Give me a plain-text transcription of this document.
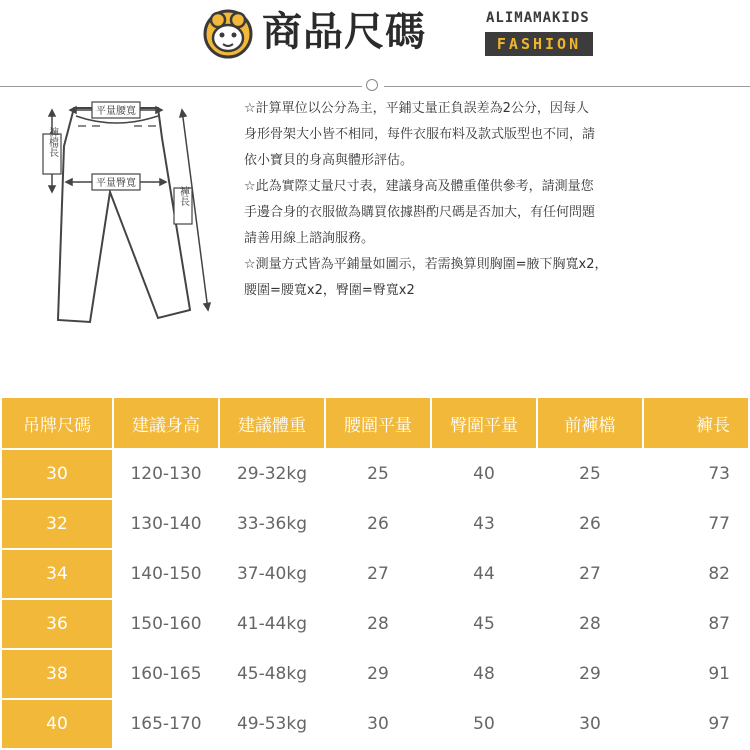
商品尺碼	ALIMAMAKIDS
FASHION
平量腰寬
平量臀寬
褲檔長
褲長

☆計算單位以公分為主，平鋪丈量正負誤差為2公分，因每人

身形骨架大小皆不相同，每件衣服布料及款式版型也不同，請

依小寶貝的身高與體形評估。

☆此為實際丈量尺寸表，建議身高及體重僅供參考，請測量您

手邊合身的衣服做為購買依據斟酌尺碼是否加大，有任何問題

請善用線上諮詢服務。

☆測量方式皆為平鋪量如圖示，若需換算則胸圍=腋下胸寬x2，

腰圍=腰寬x2，臀圍=臀寬x2

吊牌尺碼	建議身高	建議體重	腰圍平量	臀圍平量	前褲檔	褲長
30	120-130	29-32kg	25	40	25	73
32	130-140	33-36kg	26	43	26	77
34	140-150	37-40kg	27	44	27	82
36	150-160	41-44kg	28	45	28	87
38	160-165	45-48kg	29	48	29	91
40	165-170	49-53kg	30	50	30	97
